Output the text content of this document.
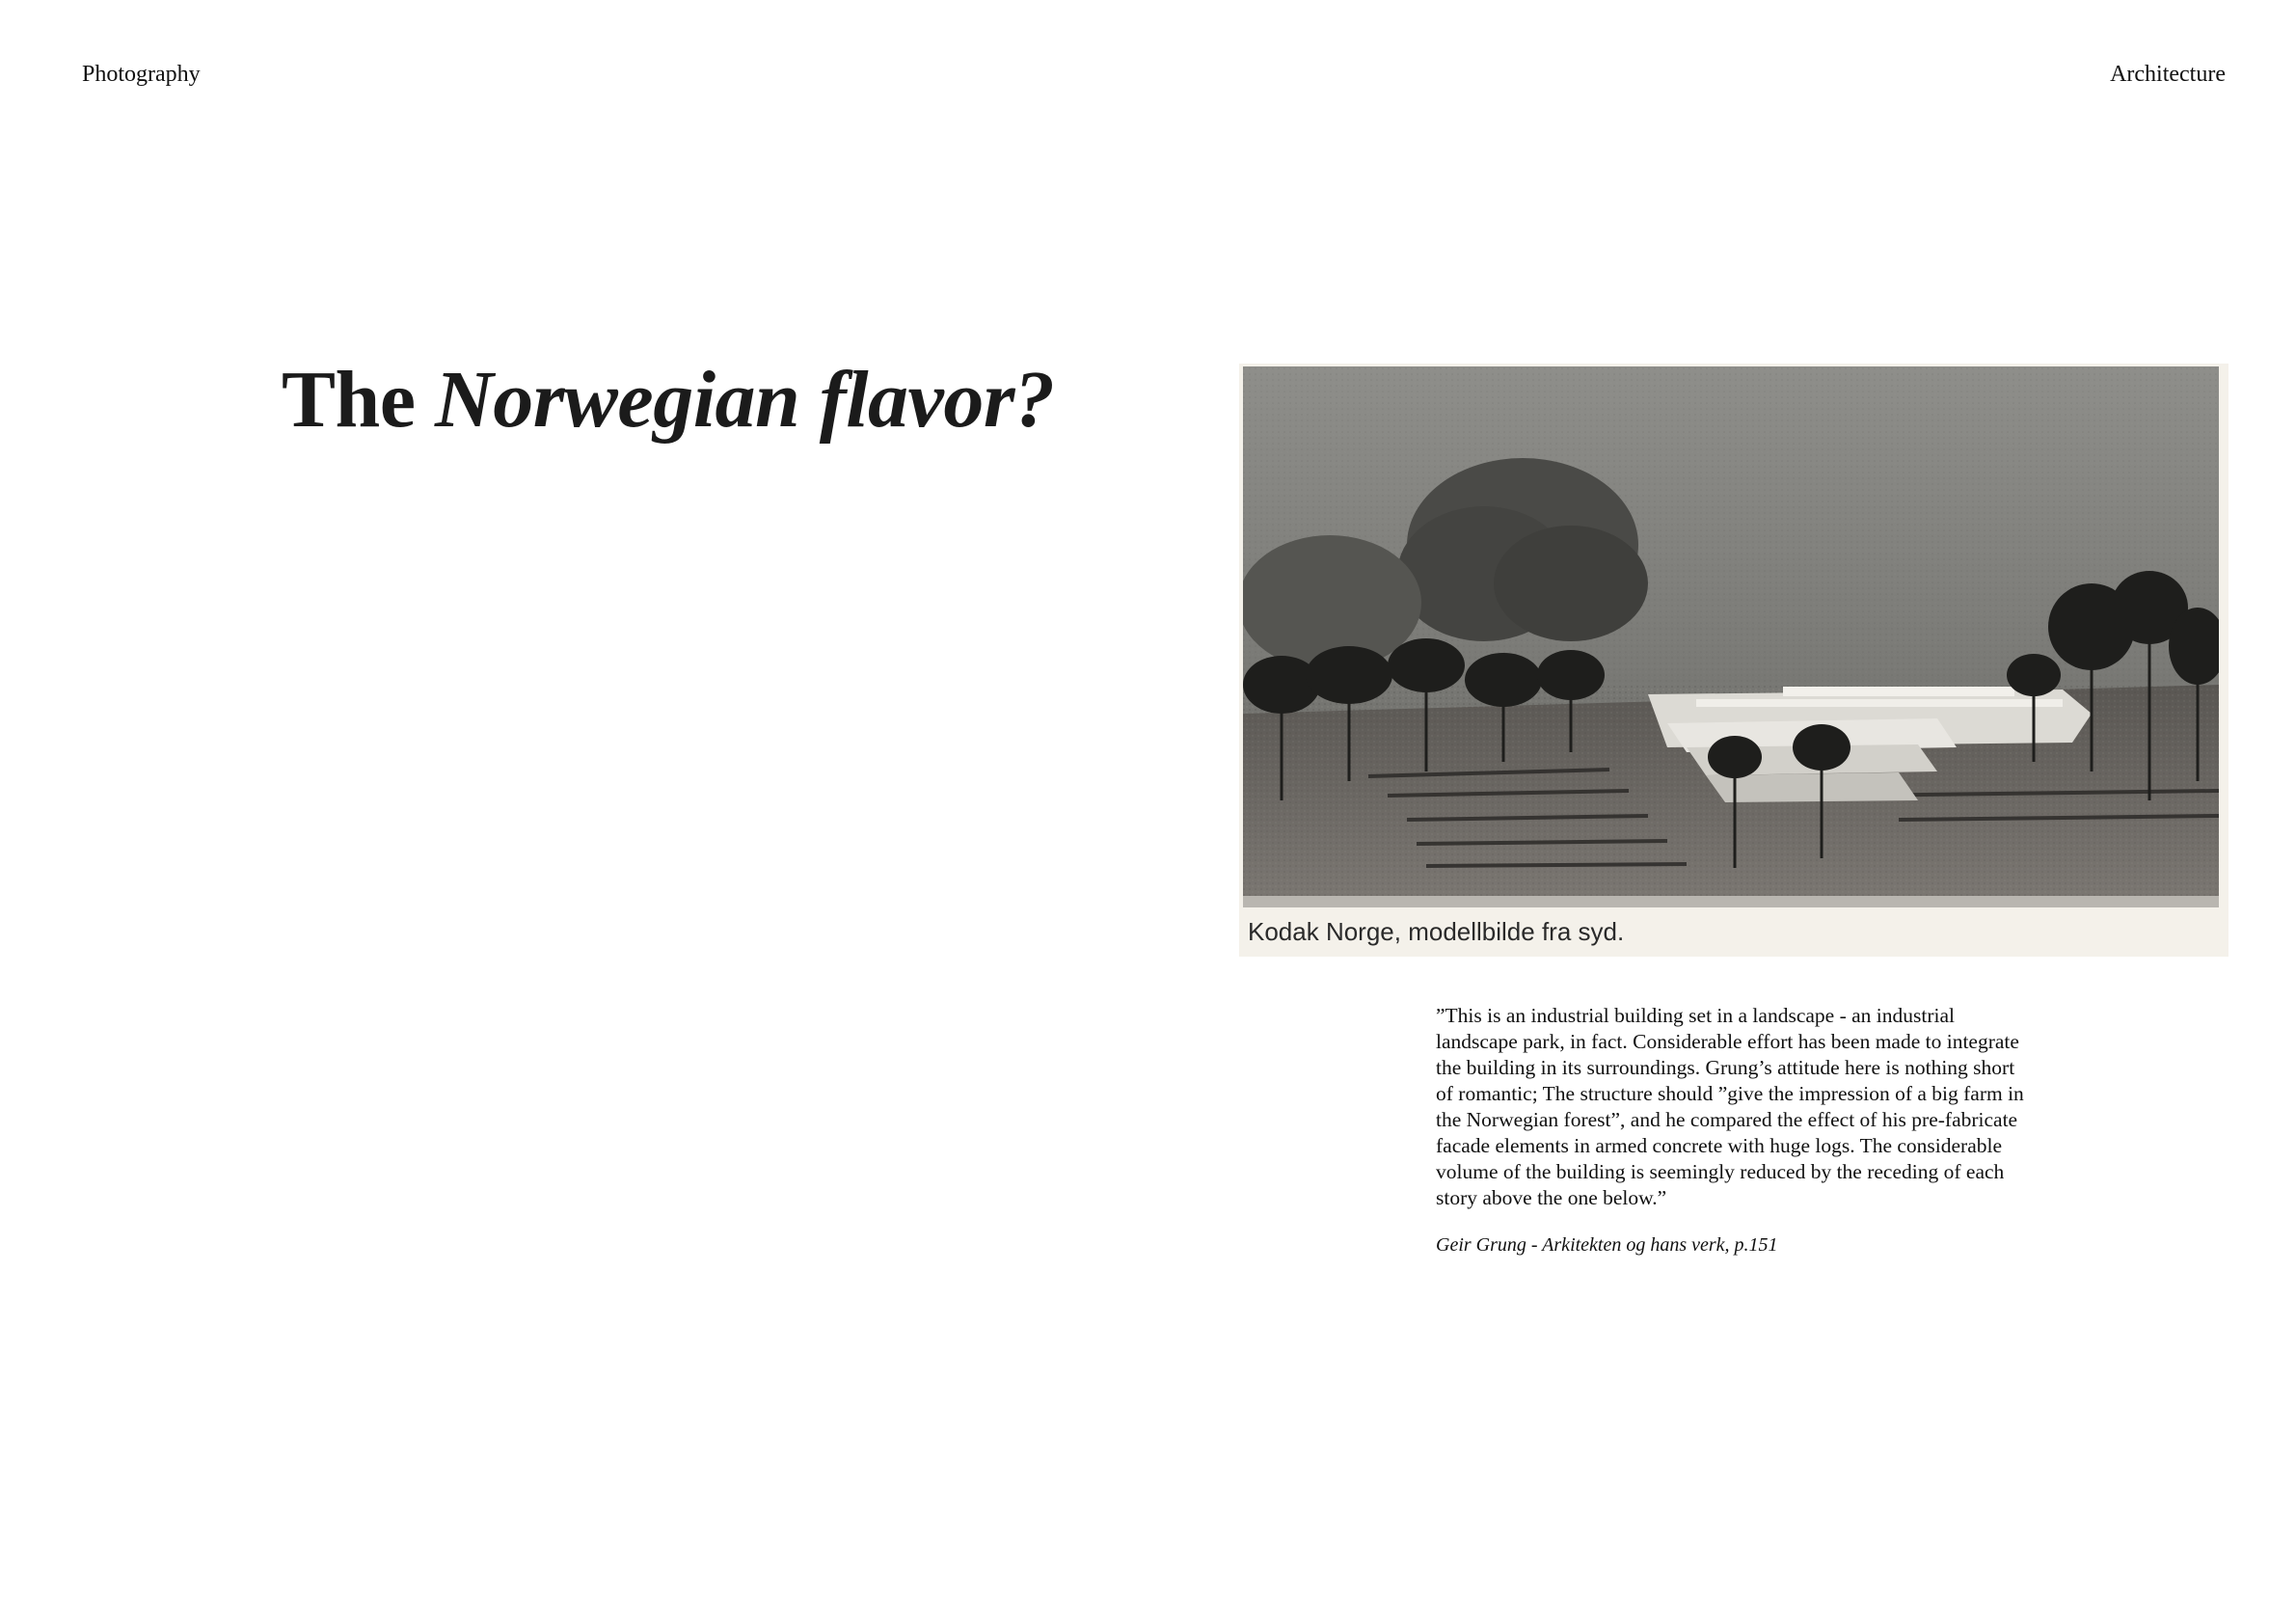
Photography	Architecture
The Norwegian flavor?
Kodak Norge, modellbilde fra syd.

”This is an industrial building set in a landscape - an industrial landscape park, in fact. Considerable effort has been made to integrate the building in its surroundings. Grung’s attitude here is nothing short of romantic; The structure should ”give the impression of a big farm in the Norwegian forest”, and he compared the effect of his pre-fabricate facade elements in armed concrete with huge logs. The considerable volume of the building is seemingly reduced by the receding of each story above the one below.”

Geir Grung - Arkitekten og hans verk, p.151
